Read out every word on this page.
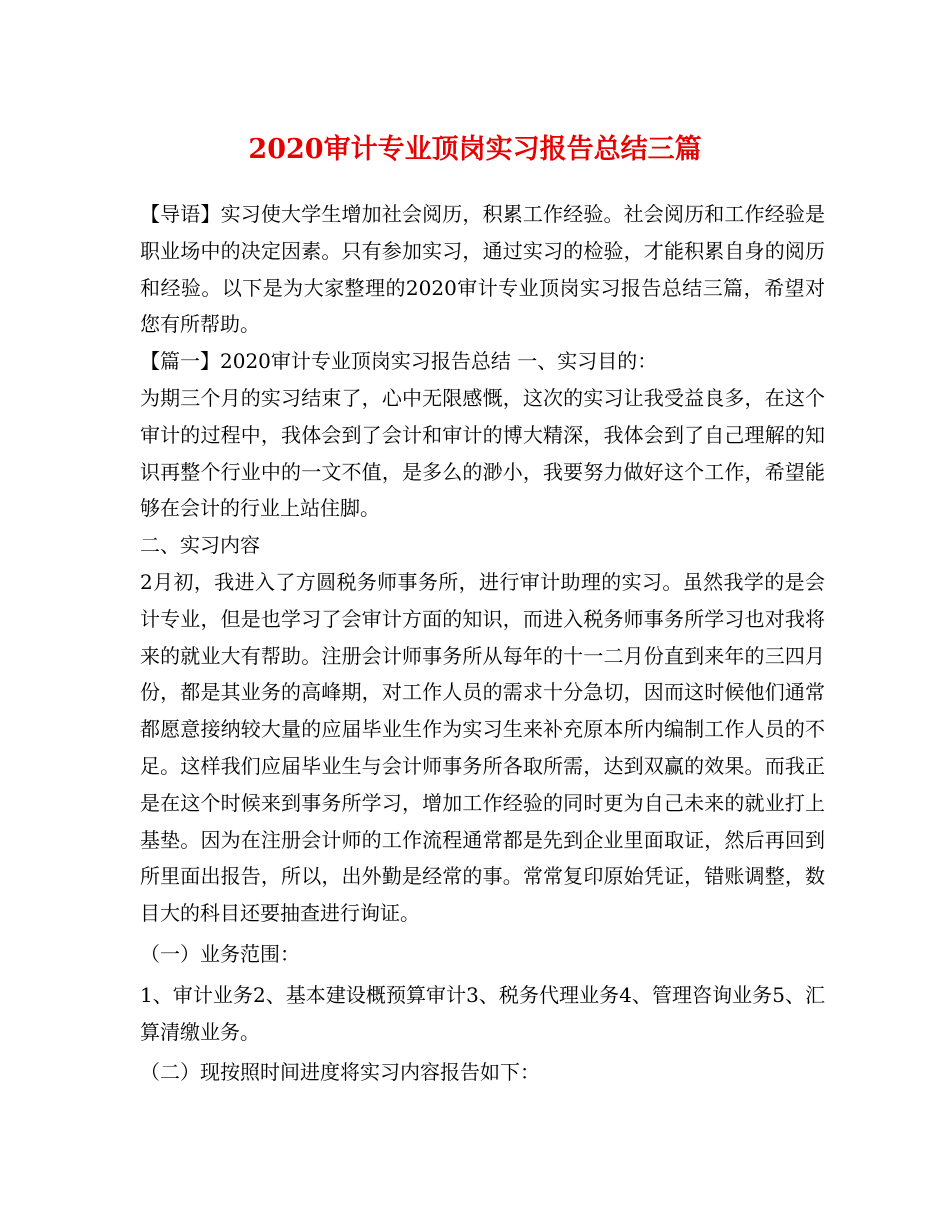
2020审计专业顶岗实习报告总结三篇

【导语】实习使大学生增加社会阅历，积累工作经验。社会阅历和工作经验是职业场中的决定因素。只有参加实习，通过实习的检验，才能积累自身的阅历和经验。以下是为大家整理的2020审计专业顶岗实习报告总结三篇，希望对您有所帮助。

【篇一】2020审计专业顶岗实习报告总结 一、实习目的：

为期三个月的实习结束了，心中无限感慨，这次的实习让我受益良多，在这个审计的过程中，我体会到了会计和审计的博大精深，我体会到了自己理解的知识再整个行业中的一文不值，是多么的渺小，我要努力做好这个工作，希望能够在会计的行业上站住脚。

二、实习内容

2月初，我进入了方圆税务师事务所，进行审计助理的实习。虽然我学的是会计专业，但是也学习了会审计方面的知识，而进入税务师事务所学习也对我将来的就业大有帮助。注册会计师事务所从每年的十一二月份直到来年的三四月份，都是其业务的高峰期，对工作人员的需求十分急切，因而这时候他们通常都愿意接纳较大量的应届毕业生作为实习生来补充原本所内编制工作人员的不足。这样我们应届毕业生与会计师事务所各取所需，达到双赢的效果。而我正是在这个时候来到事务所学习，增加工作经验的同时更为自己未来的就业打上基垫。因为在注册会计师的工作流程通常都是先到企业里面取证，然后再回到所里面出报告，所以，出外勤是经常的事。常常复印原始凭证，错账调整，数目大的科目还要抽查进行询证。

（一）业务范围：

1、审计业务2、基本建设概预算审计3、税务代理业务4、管理咨询业务5、汇算清缴业务。

（二）现按照时间进度将实习内容报告如下：
